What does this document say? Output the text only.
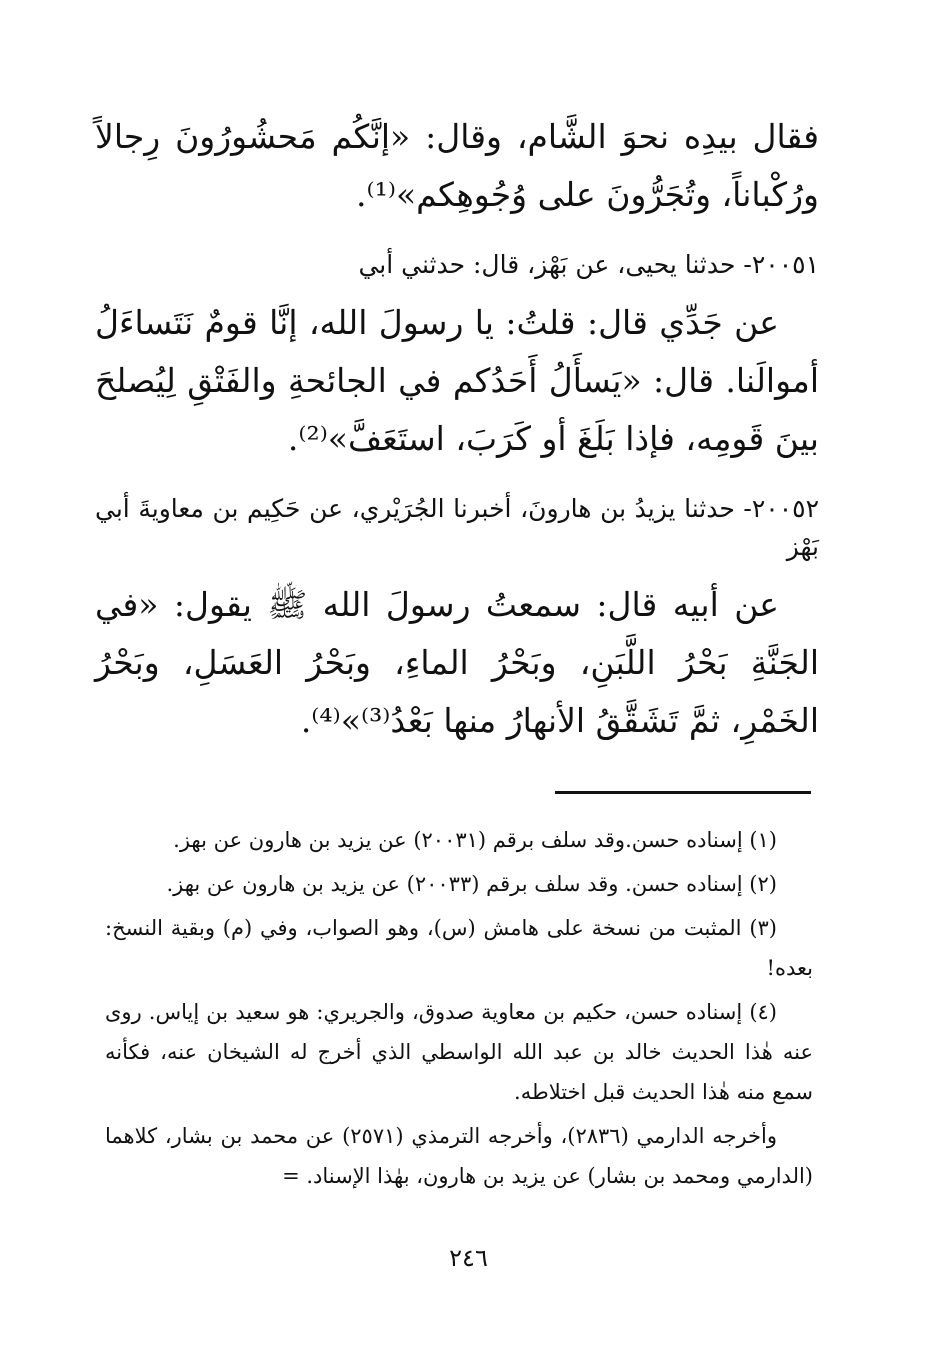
فقال بيدِه نحوَ الشَّام، وقال: «إنَّكُم مَحشُورُونَ رِجالاً ورُكْباناً، وتُجَرُّونَ على وُجُوهِكم»⁽¹⁾.

٢٠٠٥١- حدثنا يحيى، عن بَهْز، قال: حدثني أبي

عن جَدِّي قال: قلتُ: يا رسولَ الله، إنَّا قومٌ نَتَساءَلُ أموالَنا. قال: «يَسأَلُ أَحَدُكم في الجائحةِ والفَتْقِ لِيُصلحَ بينَ قَومِه، فإذا بَلَغَ أو كَرَبَ، استَعَفَّ»⁽²⁾.

٢٠٠٥٢- حدثنا يزيدُ بن هارونَ، أخبرنا الجُرَيْري، عن حَكِيم بن معاويةَ أبي بَهْز

عن أبيه قال: سمعتُ رسولَ الله ﷺ يقول: «في الجَنَّةِ بَحْرُ اللَّبَنِ، وبَحْرُ الماءِ، وبَحْرُ العَسَلِ، وبَحْرُ الخَمْرِ، ثمَّ تَشَقَّقُ الأنهارُ منها بَعْدُ⁽³⁾»⁽⁴⁾.

(١) إسناده حسن.وقد سلف برقم (٢٠٠٣١) عن يزيد بن هارون عن بهز.

(٢) إسناده حسن. وقد سلف برقم (٢٠٠٣٣) عن يزيد بن هارون عن بهز.

(٣) المثبت من نسخة على هامش (س)، وهو الصواب، وفي (م) وبقية النسخ: بعده!

(٤) إسناده حسن، حكيم بن معاوية صدوق، والجريري: هو سعيد بن إياس. روى عنه هٰذا الحديث خالد بن عبد الله الواسطي الذي أخرج له الشيخان عنه، فكأنه سمع منه هٰذا الحديث قبل اختلاطه.

وأخرجه الدارمي (٢٨٣٦)، وأخرجه الترمذي (٢٥٧١) عن محمد بن بشار، كلاهما (الدارمي ومحمد بن بشار) عن يزيد بن هارون، بهٰذا الإسناد. =

٢٤٦
